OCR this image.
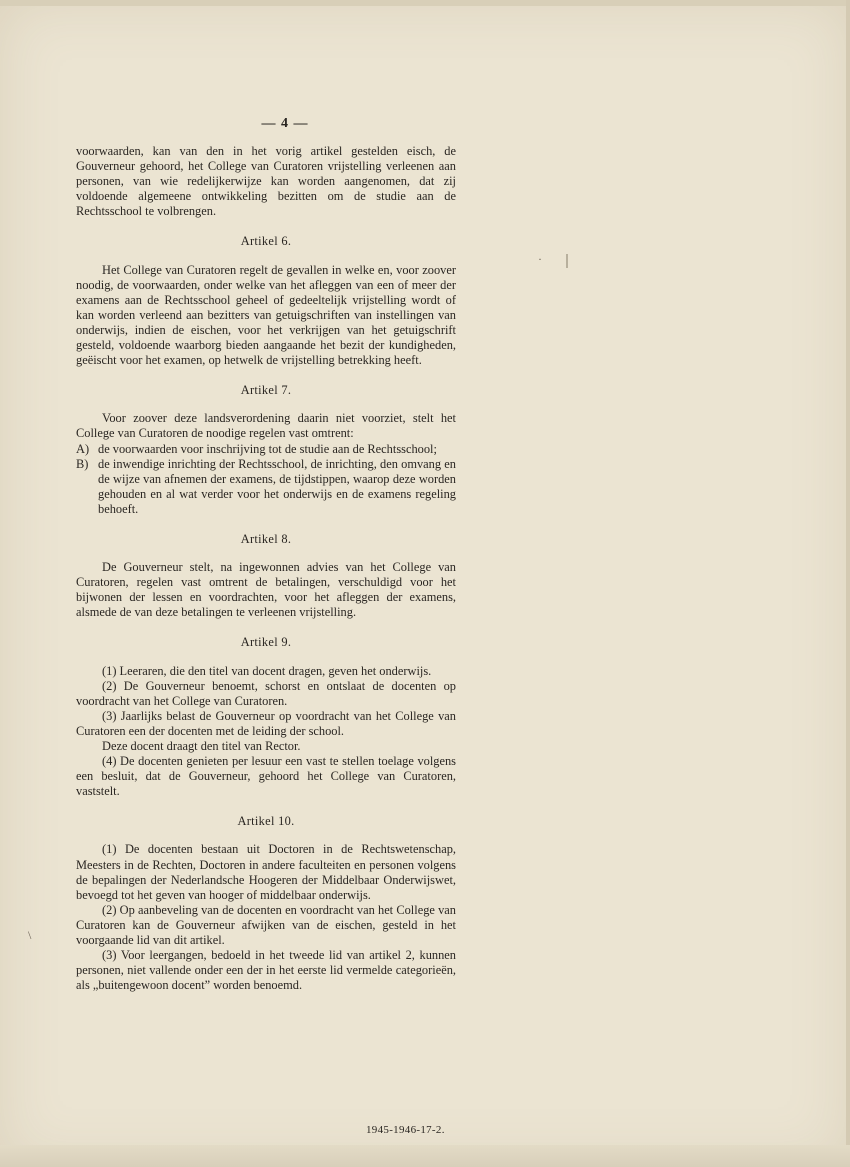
·
\
— 4 —

voorwaarden, kan van den in het vorig artikel gestelden eisch, de Gouverneur gehoord, het College van Curatoren vrijstelling verleenen aan personen, van wie redelijkerwijze kan worden aangenomen, dat zij voldoende algemeene ontwikkeling bezitten om de studie aan de Rechtsschool te volbrengen.

Artikel 6.

Het College van Curatoren regelt de gevallen in welke en, voor zoover noodig, de voorwaarden, onder welke van het afleggen van een of meer der examens aan de Rechtsschool geheel of gedeeltelijk vrijstelling wordt of kan worden verleend aan bezitters van getuigschriften van instellingen van onderwijs, indien de eischen, voor het verkrijgen van het getuigschrift gesteld, voldoende waarborg bieden aangaande het bezit der kundigheden, geëischt voor het examen, op hetwelk de vrijstelling betrekking heeft.

Artikel 7.

Voor zoover deze landsverordening daarin niet voorziet, stelt het College van Curatoren de noodige regelen vast omtrent:

A) de voorwaarden voor inschrijving tot de studie aan de Rechtsschool;
B) de inwendige inrichting der Rechtsschool, de inrichting, den omvang en de wijze van afnemen der examens, de tijdstippen, waarop deze worden gehouden en al wat verder voor het onderwijs en de examens regeling behoeft.
Artikel 8.

De Gouverneur stelt, na ingewonnen advies van het College van Curatoren, regelen vast omtrent de betalingen, verschuldigd voor het bijwonen der lessen en voordrachten, voor het afleggen der examens, alsmede de van deze betalingen te verleenen vrijstelling.

Artikel 9.

(1) Leeraren, die den titel van docent dragen, geven het onderwijs.

(2) De Gouverneur benoemt, schorst en ontslaat de docenten op voordracht van het College van Curatoren.

(3) Jaarlijks belast de Gouverneur op voordracht van het College van Curatoren een der docenten met de leiding der school.

Deze docent draagt den titel van Rector.

(4) De docenten genieten per lesuur een vast te stellen toelage volgens een besluit, dat de Gouverneur, gehoord het College van Curatoren, vaststelt.

Artikel 10.

(1) De docenten bestaan uit Doctoren in de Rechtswetenschap, Meesters in de Rechten, Doctoren in andere faculteiten en personen volgens de bepalingen der Nederlandsche Hoogeren der Middelbaar Onderwijswet, bevoegd tot het geven van hooger of middelbaar onderwijs.

(2) Op aanbeveling van de docenten en voordracht van het College van Curatoren kan de Gouverneur afwijken van de eischen, gesteld in het voorgaande lid van dit artikel.

(3) Voor leergangen, bedoeld in het tweede lid van artikel 2, kunnen personen, niet vallende onder een der in het eerste lid vermelde categorieën, als „buitengewoon docent” worden benoemd.

1945-1946-17-2.
